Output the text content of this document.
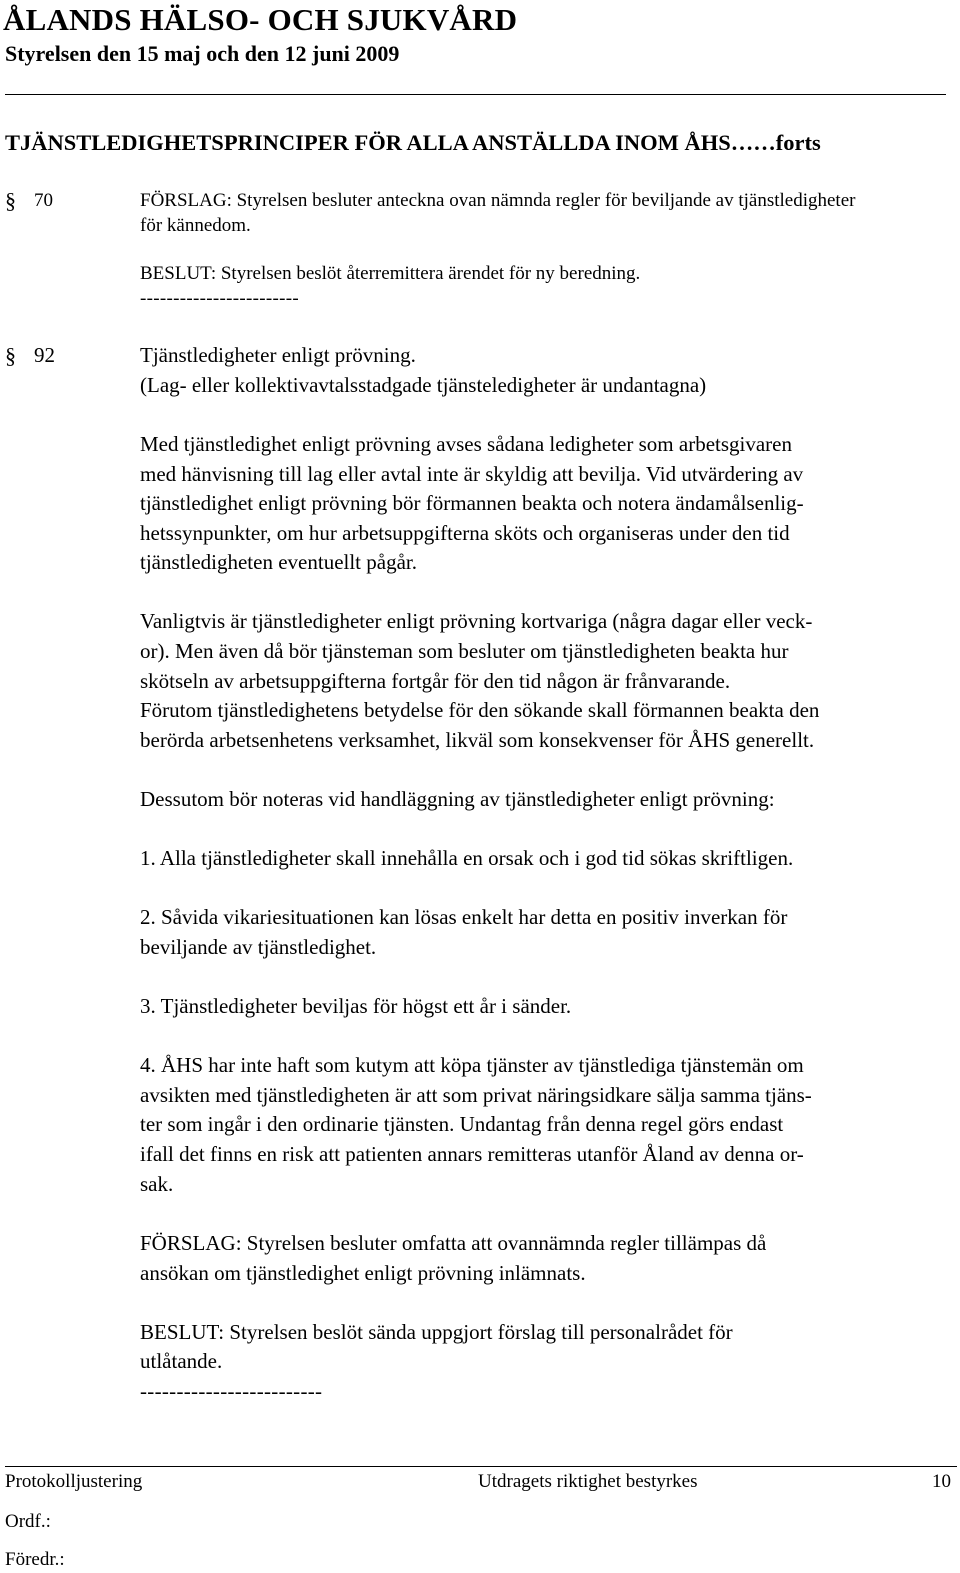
ÅLANDS HÄLSO- OCH SJUKVÅRD
Styrelsen den 15 maj och den 12 juni 2009
TJÄNSTLEDIGHETSPRINCIPER FÖR ALLA ANSTÄLLDA INOM ÅHS……forts
§ 70	FÖRSLAG: Styrelsen besluter anteckna ovan nämnda regler för beviljande av tjänstledigheter
för kännedom.
BESLUT: Styrelsen beslöt återremittera ärendet för ny beredning.
------------------------
§ 92	Tjänstledigheter enligt prövning.
(Lag- eller kollektivavtalsstadgade tjänsteledigheter är undantagna)
Med tjänstledighet enligt prövning avses sådana ledigheter som arbetsgivaren
med hänvisning till lag eller avtal inte är skyldig att bevilja. Vid utvärdering av
tjänstledighet enligt prövning bör förmannen beakta och notera ändamålsenlig-
hetssynpunkter, om hur arbetsuppgifterna sköts och organiseras under den tid
tjänstledigheten eventuellt pågår.
Vanligtvis är tjänstledigheter enligt prövning kortvariga (några dagar eller veck-
or). Men även då bör tjänsteman som besluter om tjänstledigheten beakta hur
skötseln av arbetsuppgifterna fortgår för den tid någon är frånvarande.
Förutom tjänstledighetens betydelse för den sökande skall förmannen beakta den
berörda arbetsenhetens verksamhet, likväl som konsekvenser för ÅHS generellt.
Dessutom bör noteras vid handläggning av tjänstledigheter enligt prövning:
1. Alla tjänstledigheter skall innehålla en orsak och i god tid sökas skriftligen.
2. Såvida vikariesituationen kan lösas enkelt har detta en positiv inverkan för
beviljande av tjänstledighet.
3. Tjänstledigheter beviljas för högst ett år i sänder.
4. ÅHS har inte haft som kutym att köpa tjänster av tjänstlediga tjänstemän om
avsikten med tjänstledigheten är att som privat näringsidkare sälja samma tjäns-
ter som ingår i den ordinarie tjänsten. Undantag från denna regel görs endast
ifall det finns en risk att patienten annars remitteras utanför Åland av denna or-
sak.
FÖRSLAG: Styrelsen besluter omfatta att ovannämnda regler tillämpas då
ansökan om tjänstledighet enligt prövning inlämnats.
BESLUT: Styrelsen beslöt sända uppgjort förslag till personalrådet för
utlåtande.
-------------------------
Protokolljustering	Utdragets riktighet bestyrkes	10
Ordf.:
Föredr.:
